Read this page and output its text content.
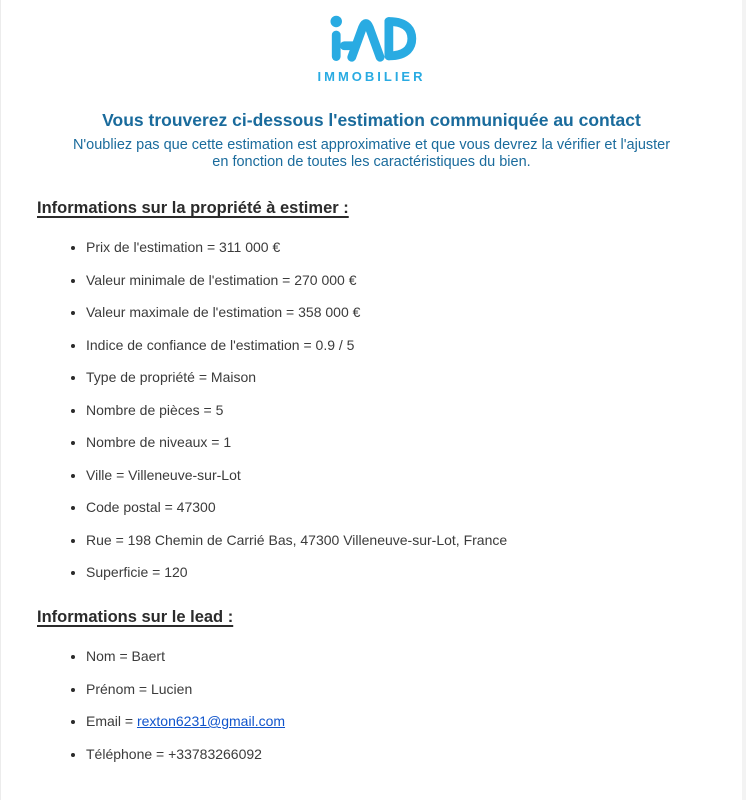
IMMOBILIER
Vous trouverez ci-dessous l'estimation communiquée au contact

N'oubliez pas que cette estimation est approximative et que vous devrez la vérifier et l'ajuster
en fonction de toutes les caractéristiques du bien.

Informations sur la propriété à estimer :
• Prix de l'estimation = 311 000 €
• Valeur minimale de l'estimation = 270 000 €
• Valeur maximale de l'estimation = 358 000 €
• Indice de confiance de l'estimation = 0.9 / 5
• Type de propriété = Maison
• Nombre de pièces = 5
• Nombre de niveaux = 1
• Ville = Villeneuve-sur-Lot
• Code postal = 47300
• Rue = 198 Chemin de Carrié Bas, 47300 Villeneuve-sur-Lot, France
• Superficie = 120
Informations sur le lead :
• Nom = Baert
• Prénom = Lucien
• Email = rexton6231@gmail.com
• Téléphone = +33783266092
